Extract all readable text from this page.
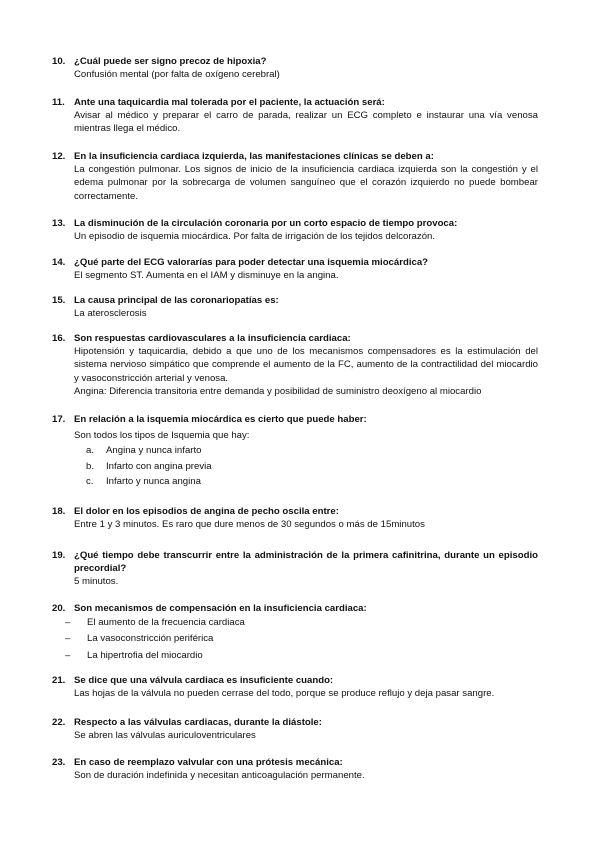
10. ¿Cuál puede ser signo precoz de hipoxia?
Confusión mental (por falta de oxígeno cerebral)
11. Ante una taquicardia mal tolerada por el paciente, la actuación será:
Avisar al médico y preparar el carro de parada, realizar un ECG completo e instaurar una vía venosa mientras llega el médico.
12. En la insuficiencia cardiaca izquierda, las manifestaciones clínicas se deben a:
La congestión pulmonar. Los signos de inicio de la insuficiencia cardiaca izquierda son la congestión y el edema pulmonar por la sobrecarga de volumen sanguíneo que el corazón izquierdo no puede bombear correctamente.
13. La disminución de la circulación coronaria por un corto espacio de tiempo provoca:
Un episodio de isquemia miocárdica. Por falta de irrigación de los tejidos delcorazón.
14. ¿Qué parte del ECG valorarías para poder detectar una isquemia miocárdica?
El segmento ST. Aumenta en el IAM y disminuye en la angina.
15. La causa principal de las coronariopatías es:
La aterosclerosis
16. Son respuestas cardiovasculares a la insuficiencia cardiaca:
Hipotensión y taquicardia, debido a que uno de los mecanismos compensadores es la estimulación del sistema nervioso simpático que comprende el aumento de la FC, aumento de la contractilidad del miocardio y vasoconstricción arterial y venosa.
Angina: Diferencia transitoria entre demanda y posibilidad de suministro deoxígeno al miocardio
17. En relación a la isquemia miocárdica es cierto que puede haber:
Son todos los tipos de Isquemia que hay:
a.	Angina y nunca infarto
b.	Infarto con angina previa
c.	Infarto y nunca angina
18. El dolor en los episodios de angina de pecho oscila entre:
Entre 1 y 3 minutos. Es raro que dure menos de 30 segundos o más de 15minutos
19. ¿Qué tiempo debe transcurrir entre la administración de la primera cafinitrina, durante un episodio precordial?
5 minutos.
20. Son mecanismos de compensación en la insuficiencia cardiaca:
–	El aumento de la frecuencia cardiaca
–	La vasoconstricción periférica
–	La hipertrofia del miocardio
21. Se dice que una válvula cardiaca es insuficiente cuando:
Las hojas de la válvula no pueden cerrase del todo, porque se produce reflujo y deja pasar sangre.
22. Respecto a las válvulas cardiacas, durante la diástole:
Se abren las válvulas auriculoventriculares
23. En caso de reemplazo valvular con una prótesis mecánica:
Son de duración indefinida y necesitan anticoagulación permanente.
